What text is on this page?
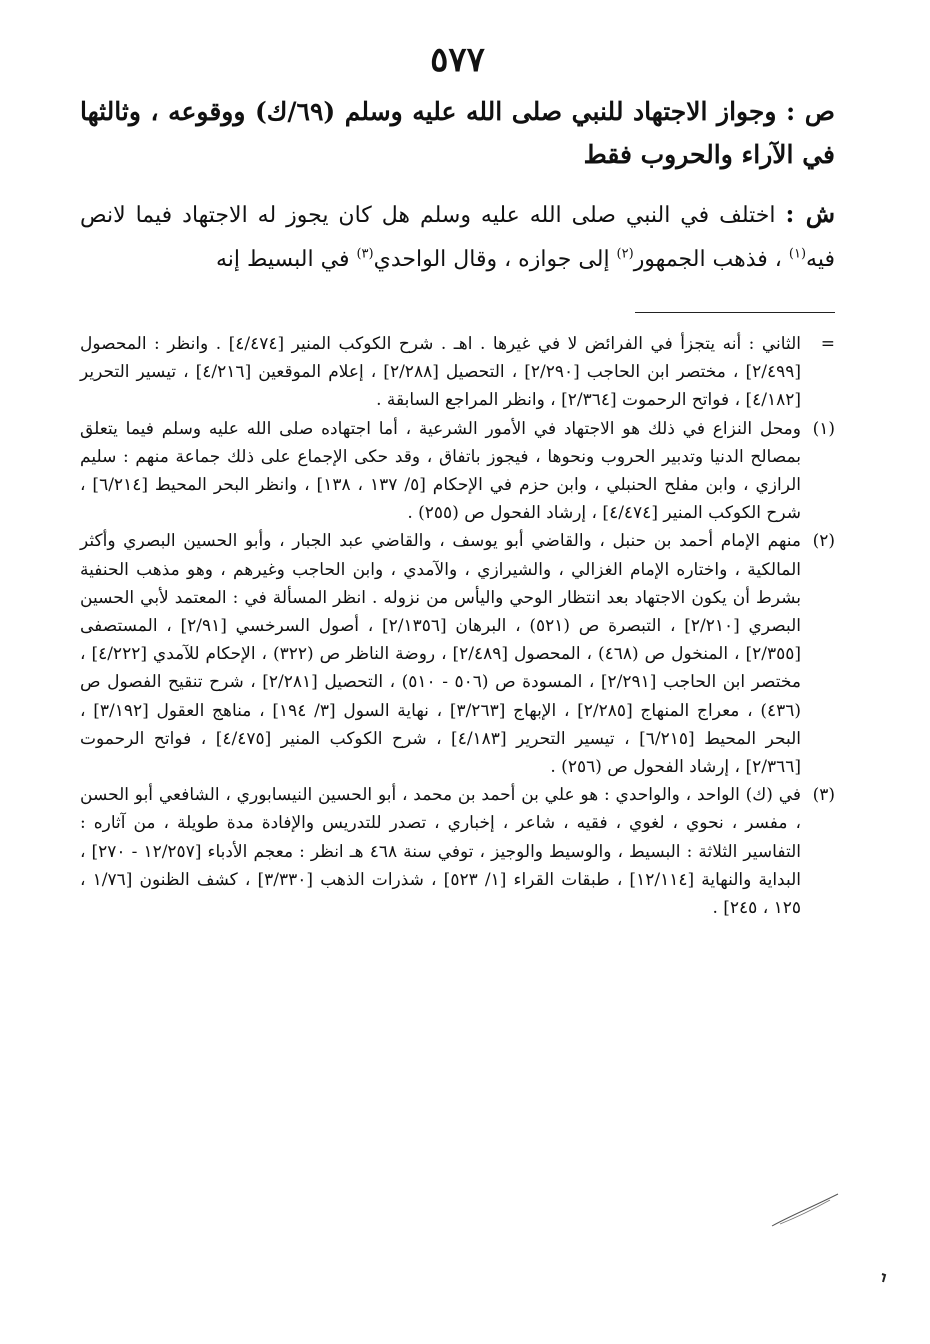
٥٧٧
ص : وجواز الاجتهاد للنبي صلى الله عليه وسلم (٦٩/ك) ووقوعه ، وثالثها في الآراء والحروب فقط
ش : اختلف في النبي صلى الله عليه وسلم هل كان يجوز له الاجتهاد فيما لانص فيه$^{(١)}$ ، فذهب الجمهور$^{(٢)}$ إلى جوازه ، وقال الواحدي$^{(٣)}$ في البسيط إنه
=
الثاني : أنه يتجزأ في الفرائض لا في غيرها . اهـ . شرح الكوكب المنير [٤/٤٧٤] . وانظر : المحصول [٢/٤٩٩] ، مختصر ابن الحاجب [٢/٢٩٠] ، التحصيل [٢/٢٨٨] ، إعلام الموقعين [٤/٢١٦] ، تيسير التحرير [٤/١٨٢] ، فواتح الرحموت [٢/٣٦٤] ، وانظر المراجع السابقة .
(١)
ومحل النزاع في ذلك هو الاجتهاد في الأمور الشرعية ، أما اجتهاده صلى الله عليه وسلم فيما يتعلق بمصالح الدنيا وتدبير الحروب ونحوها ، فيجوز باتفاق ، وقد حكى الإجماع على ذلك جماعة منهم : سليم الرازي ، وابن مفلح الحنبلي ، وابن حزم في الإحكام [٥/ ١٣٧ ، ١٣٨] ، وانظر البحر المحيط [٦/٢١٤] ، شرح الكوكب المنير [٤/٤٧٤] ، إرشاد الفحول ص (٢٥٥) .
(٢)
منهم الإمام أحمد بن حنبل ، والقاضي أبو يوسف ، والقاضي عبد الجبار ، وأبو الحسين البصري وأكثر المالكية ، واختاره الإمام الغزالي ، والشيرازي ، والآمدي ، وابن الحاجب وغيرهم ، وهو مذهب الحنفية بشرط أن يكون الاجتهاد بعد انتظار الوحي واليأس من نزوله . انظر المسألة في : المعتمد لأبي الحسين البصري [٢/٢١٠] ، التبصرة ص (٥٢١) ، البرهان [٢/١٣٥٦] ، أصول السرخسي [٢/٩١] ، المستصفى [٢/٣٥٥] ، المنخول ص (٤٦٨) ، المحصول [٢/٤٨٩] ، روضة الناظر ص (٣٢٢) ، الإحكام للآمدي [٤/٢٢٢] ، مختصر ابن الحاجب [٢/٢٩١] ، المسودة ص (٥٠٦ - ٥١٠) ، التحصيل [٢/٢٨١] ، شرح تنقيح الفصول ص (٤٣٦) ، معراج المنهاج [٢/٢٨٥] ، الإبهاج [٣/٢٦٣] ، نهاية السول [٣/ ١٩٤] ، مناهج العقول [٣/١٩٢] ، البحر المحيط [٦/٢١٥] ، تيسير التحرير [٤/١٨٣] ، شرح الكوكب المنير [٤/٤٧٥] ، فواتح الرحموت [٢/٣٦٦] ، إرشاد الفحول ص (٢٥٦) .
(٣)
في (ك) الواحد ، والواحدي : هو علي بن أحمد بن محمد ، أبو الحسين النيسابوري ، الشافعي أبو الحسن ، مفسر ، نحوي ، لغوي ، فقيه ، شاعر ، إخباري ، تصدر للتدريس والإفادة مدة طويلة ، من آثاره : التفاسير الثلاثة : البسيط ، والوسيط والوجيز ، توفي سنة ٤٦٨ هـ انظر : معجم الأدباء [١٢/٢٥٧ - ٢٧٠] ، البداية والنهاية [١٢/١١٤] ، طبقات القراء [١/ ٥٢٣] ، شذرات الذهب [٣/٣٣٠] ، كشف الظنون [١/٧٦ ، ١٢٥ ، ٢٤٥] .
